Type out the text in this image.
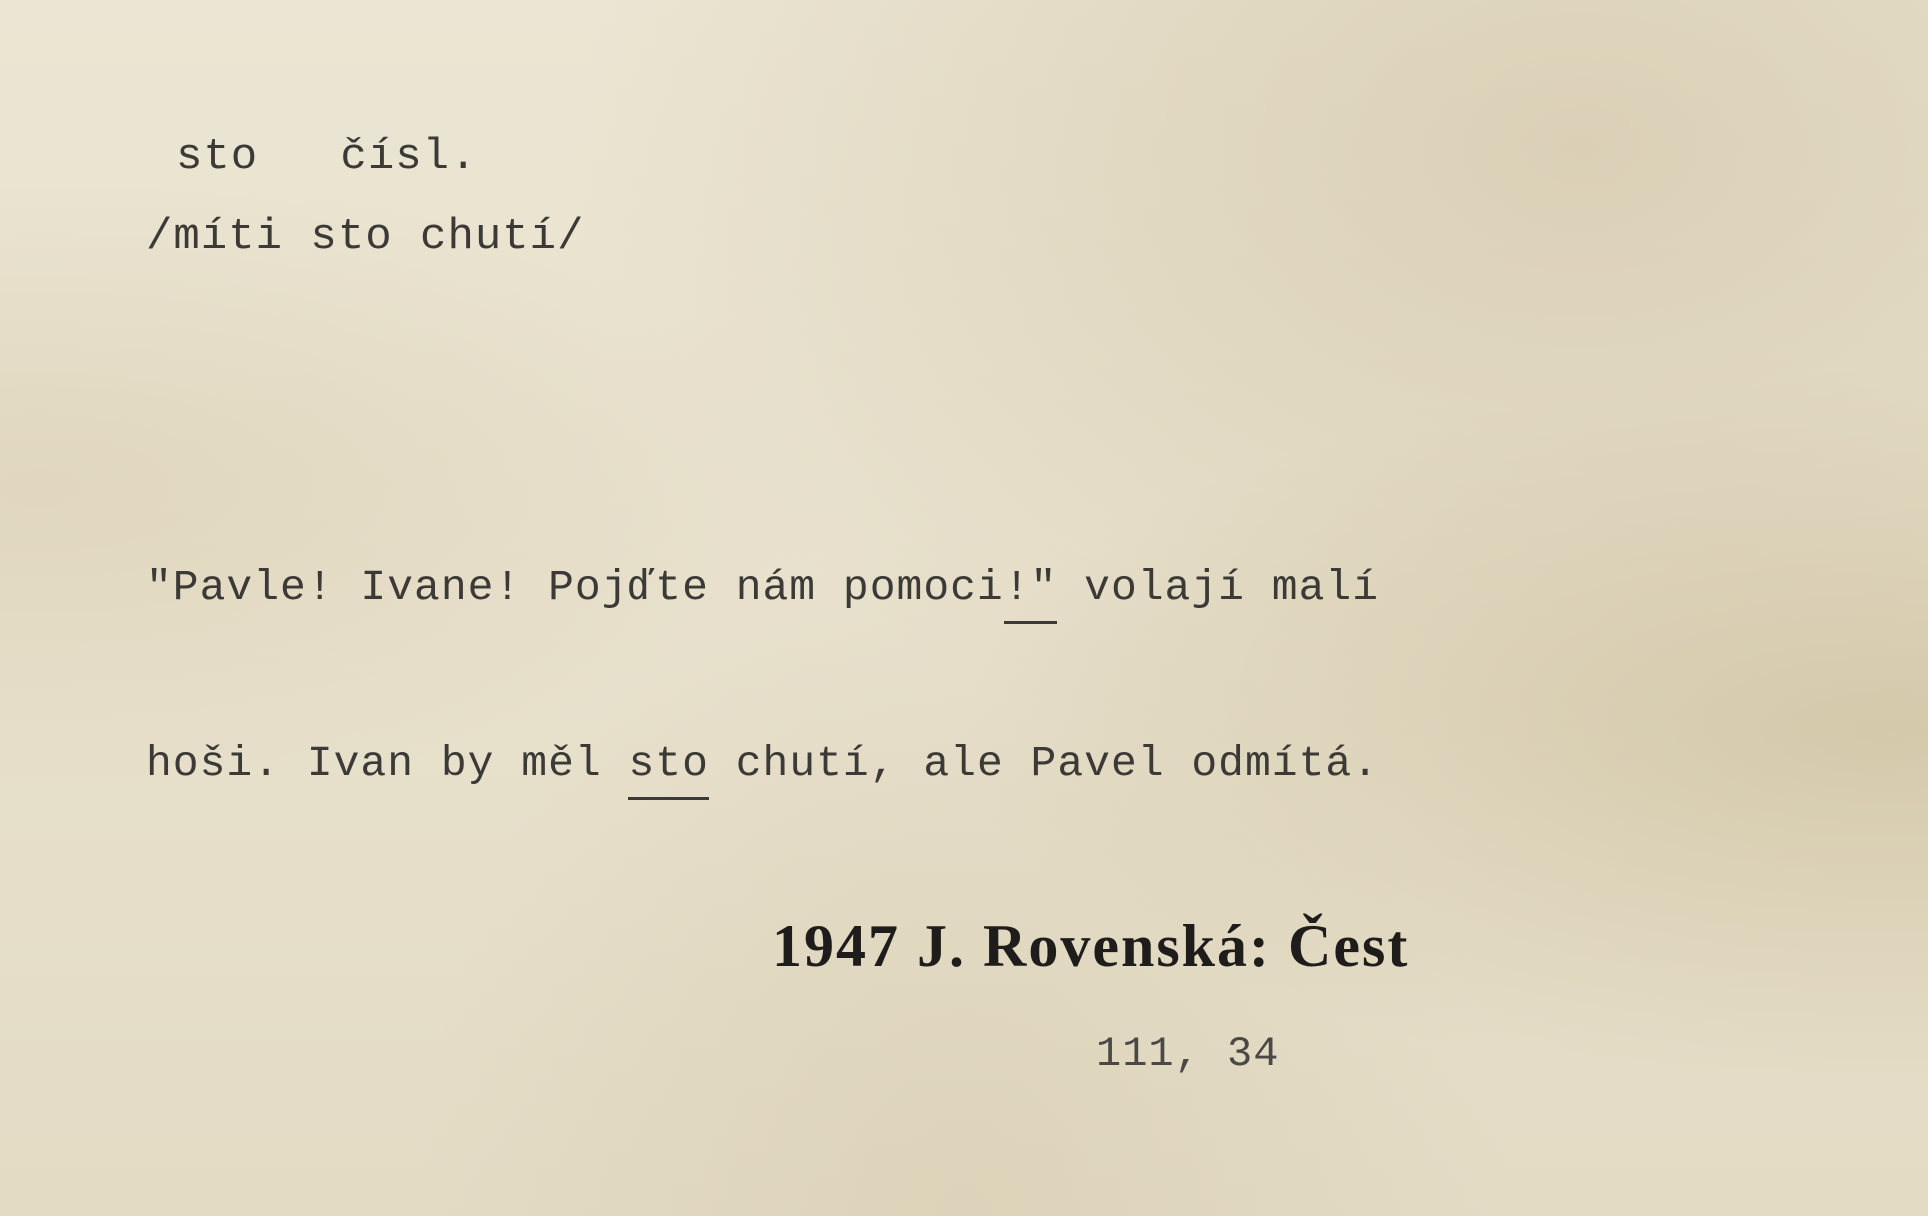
sto   čísl.
/míti sto chutí/

"Pavle! Ivane! Pojďte nám pomoci!" volají malí

hoši. Ivan by měl sto chutí, ale Pavel odmítá.

1947 J. Rovenská: Čest
111, 34
